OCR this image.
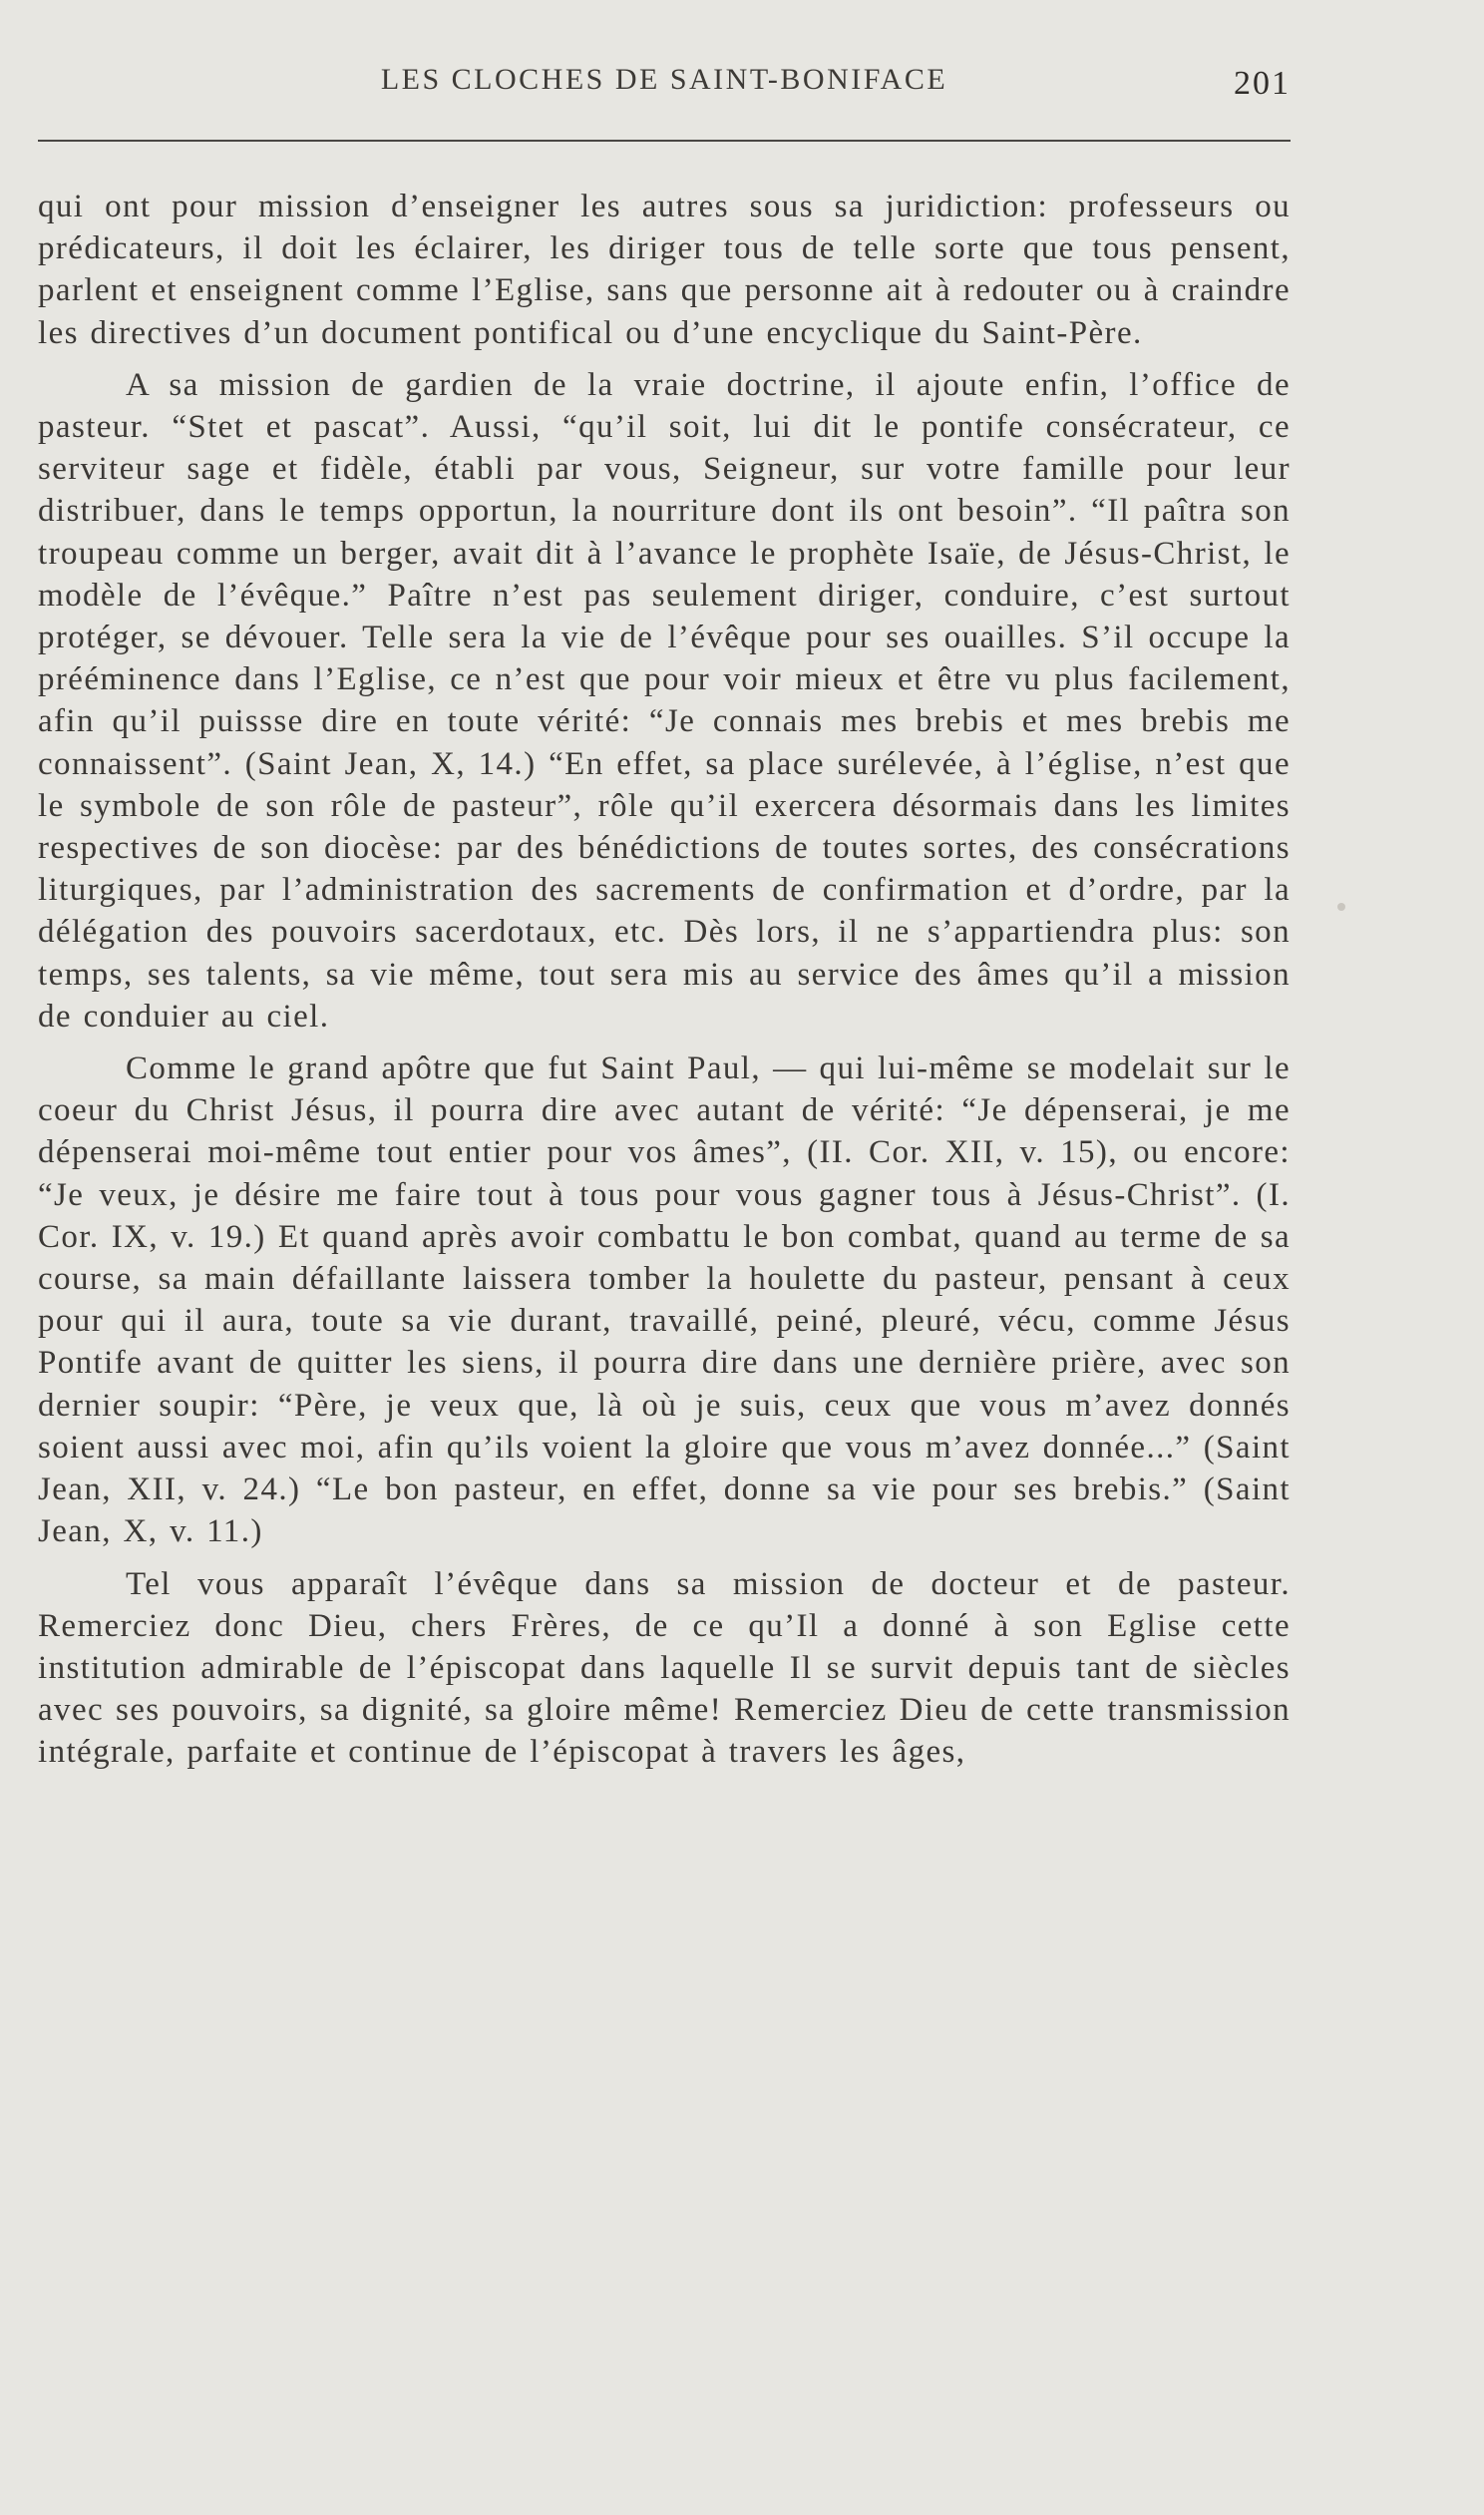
LES CLOCHES DE SAINT-BONIFACE	201

qui ont pour mission d’enseigner les autres sous sa juridiction: professeurs ou prédicateurs, il doit les éclairer, les diriger tous de telle sorte que tous pensent, parlent et enseignent comme l’Eglise, sans que personne ait à redouter ou à craindre les directives d’un document pontifical ou d’une encyclique du Saint-Père.

A sa mission de gardien de la vraie doctrine, il ajoute enfin, l’office de pasteur. “Stet et pascat”. Aussi, “qu’il soit, lui dit le pontife consécrateur, ce serviteur sage et fidèle, établi par vous, Seigneur, sur votre famille pour leur distribuer, dans le temps opportun, la nourriture dont ils ont besoin”. “Il paîtra son troupeau comme un berger, avait dit à l’avance le prophète Isaïe, de Jésus-Christ, le modèle de l’évêque.” Paître n’est pas seulement diriger, conduire, c’est surtout protéger, se dévouer. Telle sera la vie de l’évêque pour ses ouailles. S’il occupe la prééminence dans l’Eglise, ce n’est que pour voir mieux et être vu plus facilement, afin qu’il puissse dire en toute vérité: “Je connais mes brebis et mes brebis me connaissent”. (Saint Jean, X, 14.) “En effet, sa place surélevée, à l’église, n’est que le symbole de son rôle de pasteur”, rôle qu’il exercera désormais dans les limites respectives de son diocèse: par des bénédictions de toutes sortes, des consécrations liturgiques, par l’administration des sacrements de confirmation et d’ordre, par la délégation des pouvoirs sacerdotaux, etc. Dès lors, il ne s’appartiendra plus: son temps, ses talents, sa vie même, tout sera mis au service des âmes qu’il a mission de conduier au ciel.

Comme le grand apôtre que fut Saint Paul, — qui lui-même se modelait sur le coeur du Christ Jésus, il pourra dire avec autant de vérité: “Je dépenserai, je me dépenserai moi-même tout entier pour vos âmes”, (II. Cor. XII, v. 15), ou encore: “Je veux, je désire me faire tout à tous pour vous gagner tous à Jésus-Christ”. (I. Cor. IX, v. 19.) Et quand après avoir combattu le bon combat, quand au terme de sa course, sa main défaillante laissera tomber la houlette du pasteur, pensant à ceux pour qui il aura, toute sa vie durant, travaillé, peiné, pleuré, vécu, comme Jésus Pontife avant de quitter les siens, il pourra dire dans une dernière prière, avec son dernier soupir: “Père, je veux que, là où je suis, ceux que vous m’avez donnés soient aussi avec moi, afin qu’ils voient la gloire que vous m’avez donnée...” (Saint Jean, XII, v. 24.) “Le bon pasteur, en effet, donne sa vie pour ses brebis.” (Saint Jean, X, v. 11.)

Tel vous apparaît l’évêque dans sa mission de docteur et de pasteur. Remerciez donc Dieu, chers Frères, de ce qu’Il a donné à son Eglise cette institution admirable de l’épiscopat dans laquelle Il se survit depuis tant de siècles avec ses pouvoirs, sa dignité, sa gloire même! Remerciez Dieu de cette transmission intégrale, parfaite et continue de l’épiscopat à travers les âges,
